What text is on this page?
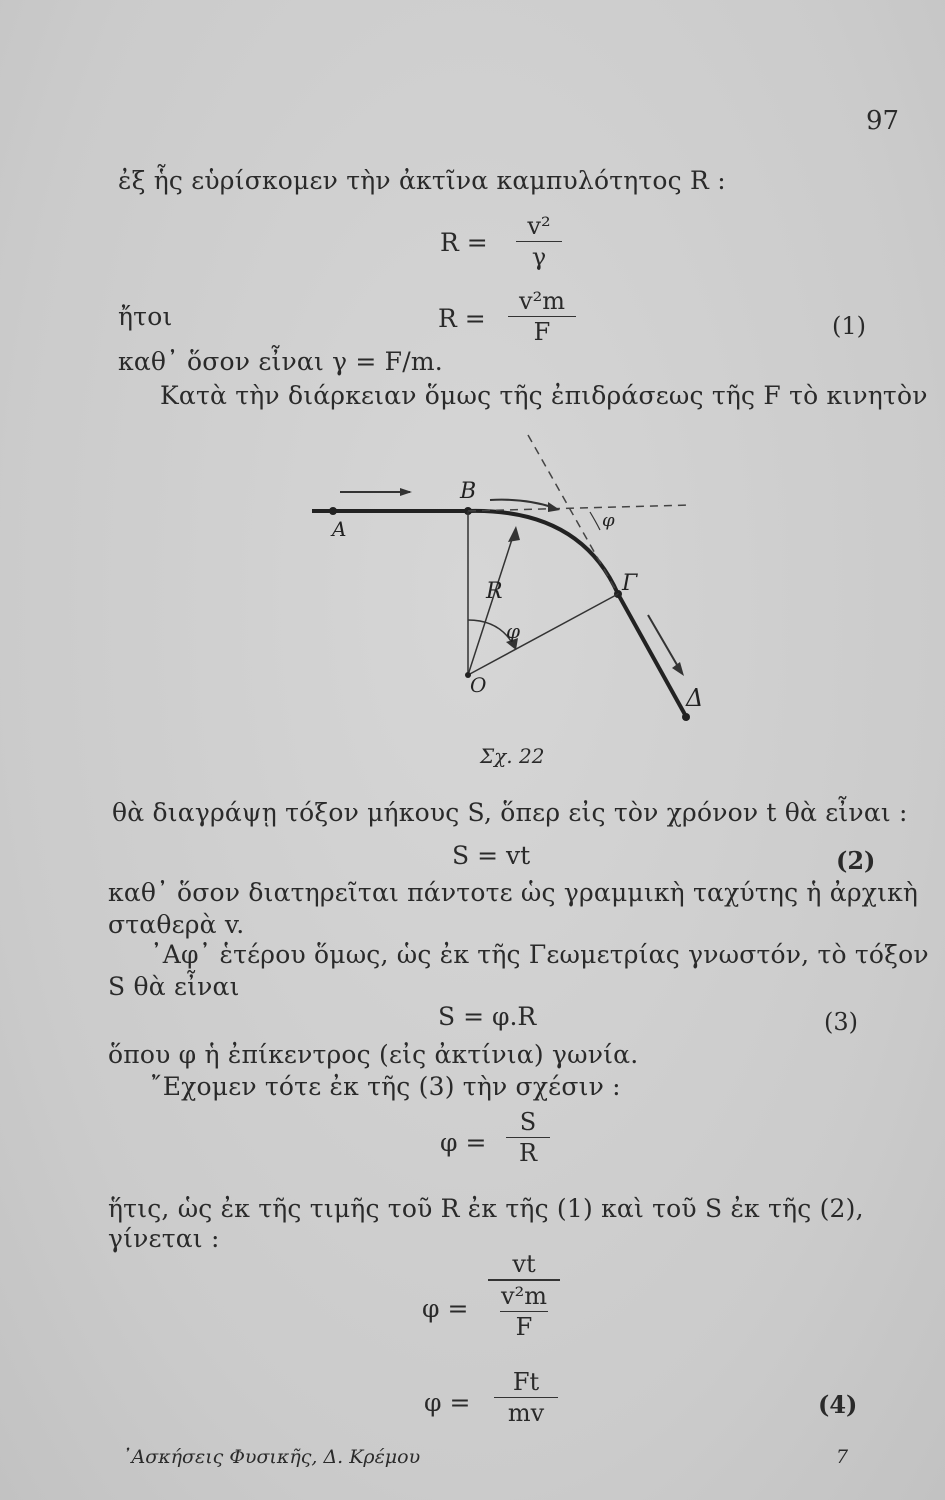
97
ἐξ ἧς εὑρίσκομεν τὴν ἀκτῖνα καμπυλότητος R :
R =
v²
γ
ἤτοι	R =
v²m
F	(1)
καθ᾽ ὅσον εἶναι γ = F/m.
Κατὰ τὴν διάρκειαν ὅμως τῆς ἐπιδράσεως τῆς F τὸ κινητὸν
Α
Β
Γ
Δ
Ο
R
φ
φ
Σχ. 22
θὰ διαγράψῃ τόξον μήκους S, ὅπερ εἰς τὸν χρόνον t θὰ εἶναι :
S = vt	(2)
καθ᾽ ὅσον διατηρεῖται πάντοτε ὡς γραμμικὴ ταχύτης ἡ ἀρχικὴ
σταθερὰ v.
᾽Αφ᾽ ἑτέρου ὅμως, ὡς ἐκ τῆς Γεωμετρίας γνωστόν, τὸ τόξον
S θὰ εἶναι
S = φ.R	(3)
ὅπου φ ἡ ἐπίκεντρος (εἰς ἀκτίνια) γωνία.
῎Εχομεν τότε ἐκ τῆς (3) τὴν σχέσιν :
φ =
S
R
ἥτις, ὡς ἐκ τῆς τιμῆς τοῦ R ἐκ τῆς (1) καὶ τοῦ S ἐκ τῆς (2),
γίνεται :
φ =
vt
v²m
F
φ =
Ft
mv	(4)
᾽Ασκήσεις Φυσικῆς, Δ. Κρέμου	7
